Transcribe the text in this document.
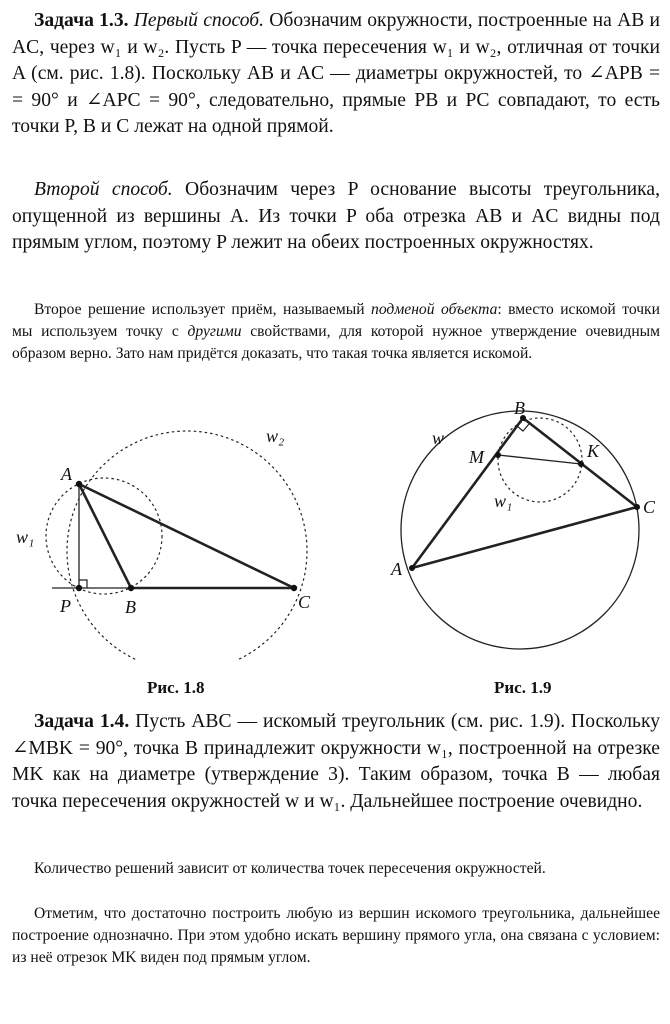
Задача 1.3. Первый способ. Обозначим окружности, построенные на AB и AC, через w₁ и w₂. Пусть P — точка пересечения w₁ и w₂, отличная от точки A (см. рис. 1.8). Поскольку AB и AC — диаметры окружностей, то ∠APB = = 90° и ∠APC = 90°, следовательно, прямые PB и PC совпадают, то есть точки P, B и C лежат на одной прямой.

Второй способ. Обозначим через P основание высоты треугольника, опущенной из вершины A. Из точки P оба отрезка AB и AC видны под прямым углом, поэтому P лежит на обеих построенных окружностях.

Второе решение использует приём, называемый подменой объекта: вместо искомой точки мы используем точку с другими свойствами, для которой нужное утверждение очевидным образом верно. Зато нам придётся доказать, что такая точка является искомой.

A
P	B	C
w₁
w₂
Рис. 1.8
B
M	K
C
A
w
w₁
Рис. 1.9

Задача 1.4. Пусть ABC — искомый треугольник (см. рис. 1.9). Поскольку ∠MBK = 90°, точка B принадлежит окружности w₁, построенной на отрезке MK как на диаметре (утверждение 3). Таким образом, точка B — любая точка пересечения окружностей w и w₁. Дальнейшее построение очевидно.

Количество решений зависит от количества точек пересечения окружностей.

Отметим, что достаточно построить любую из вершин искомого треугольника, дальнейшее построение однозначно. При этом удобно искать вершину прямого угла, она связана с условием: из неё отрезок MK виден под прямым углом.
